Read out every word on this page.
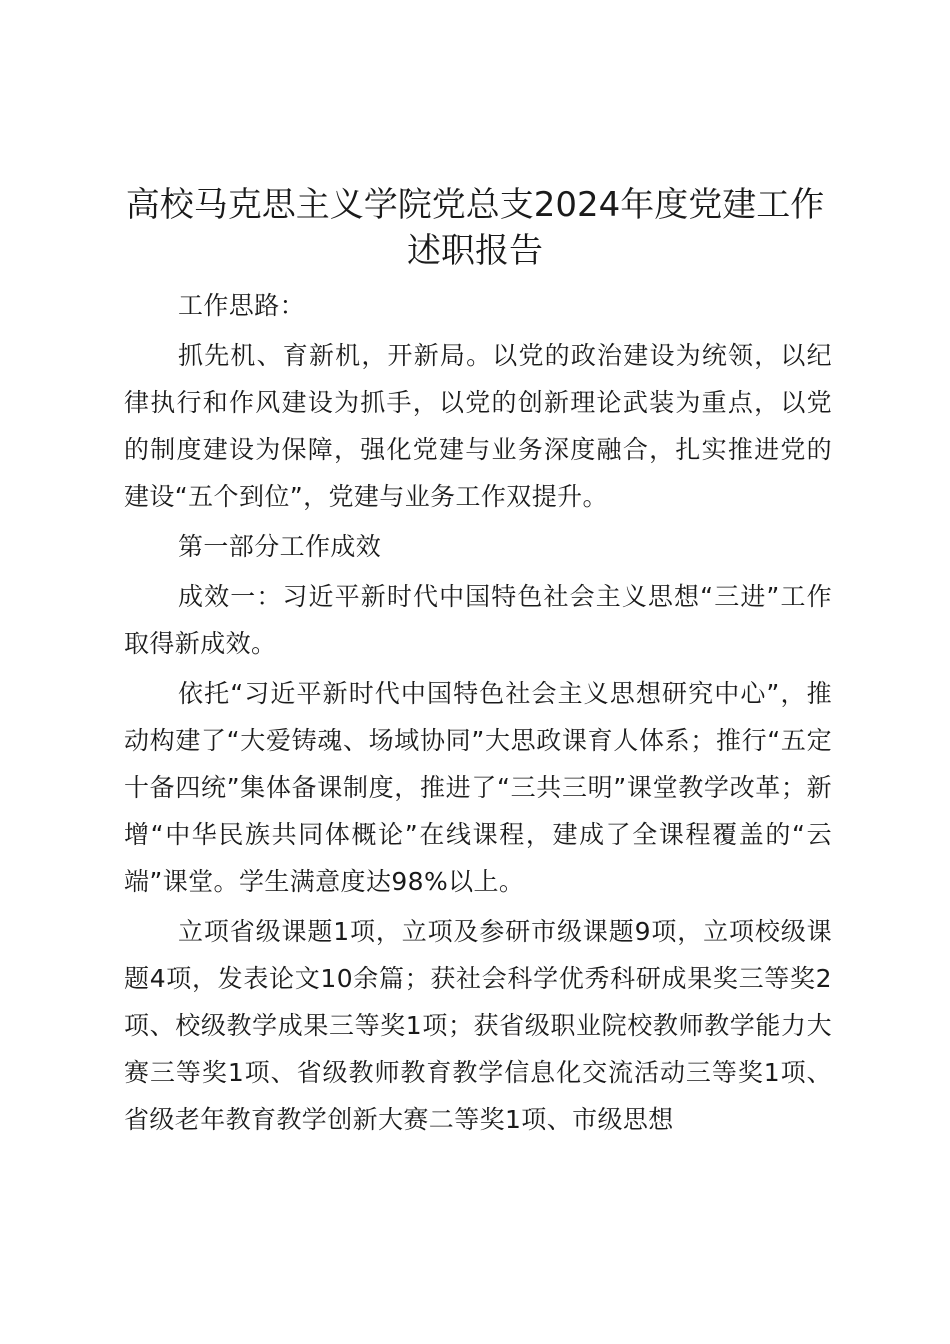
高校马克思主义学院党总支2024年度党建工作述职报告

工作思路：

抓先机、育新机，开新局。以党的政治建设为统领，以纪律执行和作风建设为抓手，以党的创新理论武装为重点，以党的制度建设为保障，强化党建与业务深度融合，扎实推进党的建设“五个到位”，党建与业务工作双提升。

第一部分工作成效

成效一：习近平新时代中国特色社会主义思想“三进”工作取得新成效。

依托“习近平新时代中国特色社会主义思想研究中心”，推动构建了“大爱铸魂、场域协同”大思政课育人体系；推行“五定十备四统”集体备课制度，推进了“三共三明”课堂教学改革；新增“中华民族共同体概论”在线课程，建成了全课程覆盖的“云端”课堂。学生满意度达98%以上。

立项省级课题1项，立项及参研市级课题9项，立项校级课题4项，发表论文10余篇；获社会科学优秀科研成果奖三等奖2项、校级教学成果三等奖1项；获省级职业院校教师教学能力大赛三等奖1项、省级教师教育教学信息化交流活动三等奖1项、省级老年教育教学创新大赛二等奖1项、市级思想
